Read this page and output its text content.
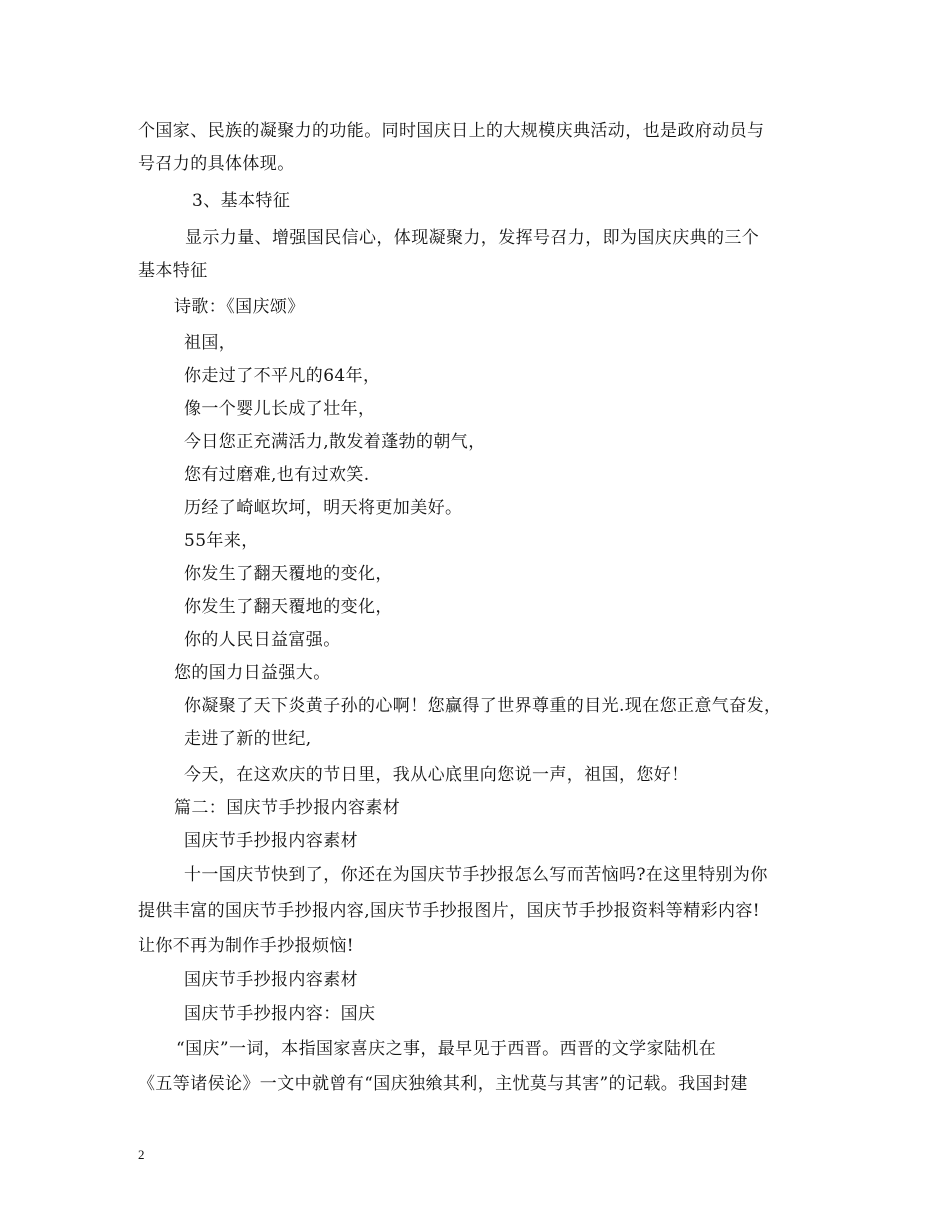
个国家、民族的凝聚力的功能。同时国庆日上的大规模庆典活动，也是政府动员与
号召力的具体体现。
3、基本特征
显示力量、增强国民信心，体现凝聚力，发挥号召力，即为国庆庆典的三个
基本特征
诗歌：《国庆颂》
祖国，
你走过了不平凡的64年，
像一个婴儿长成了壮年，
今日您正充满活力,散发着蓬勃的朝气，
您有过磨难,也有过欢笑.
历经了崎岖坎坷，明天将更加美好。
55年来，
你发生了翻天覆地的变化，
你发生了翻天覆地的变化，
你的人民日益富强。
您的国力日益强大。
你凝聚了天下炎黄子孙的心啊！您赢得了世界尊重的目光.现在您正意气奋发，
走进了新的世纪,
今天，在这欢庆的节日里，我从心底里向您说一声，祖国，您好！
篇二：国庆节手抄报内容素材
国庆节手抄报内容素材
十一国庆节快到了，你还在为国庆节手抄报怎么写而苦恼吗?在这里特别为你
提供丰富的国庆节手抄报内容,国庆节手抄报图片，国庆节手抄报资料等精彩内容!
让你不再为制作手抄报烦恼!
国庆节手抄报内容素材
国庆节手抄报内容：国庆
“国庆”一词，本指国家喜庆之事，最早见于西晋。西晋的文学家陆机在
《五等诸侯论》一文中就曾有“国庆独飨其利，主忧莫与其害”的记载。我国封建
2
